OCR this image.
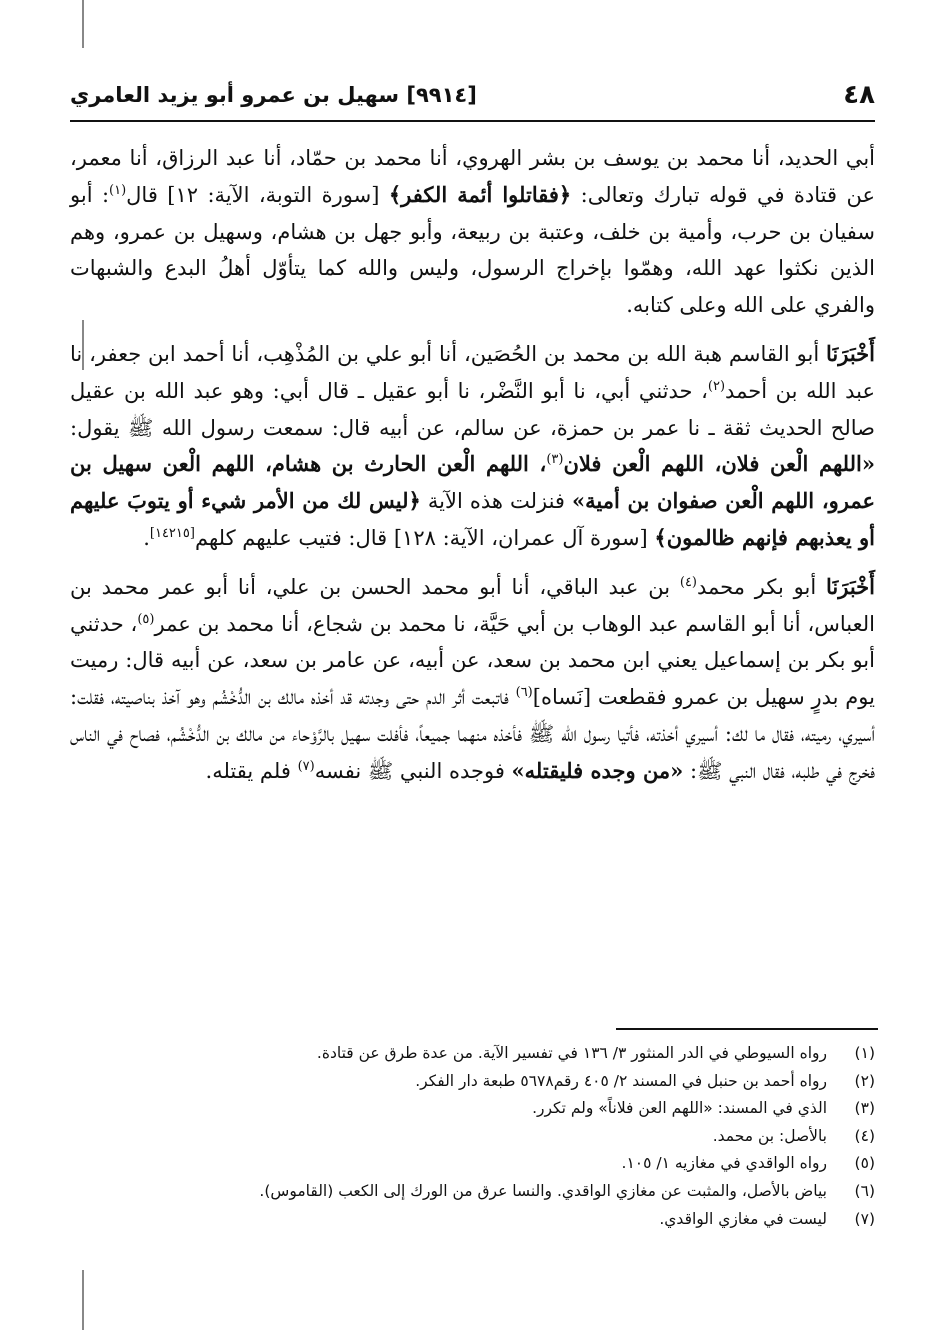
٤٨
[٩٩١٤] سهيل بن عمرو أبو يزيد العامري

أبي الحديد، أنا محمد بن يوسف بن بشر الهروي، أنا محمد بن حمّاد، أنا عبد الرزاق، أنا معمر، عن قتادة في قوله تبارك وتعالى: ﴿فقاتلوا أئمة الكفر﴾ [سورة التوبة، الآية: ١٢] قال$^{(١)}$: أبو سفيان بن حرب، وأمية بن خلف، وعتبة بن ربيعة، وأبو جهل بن هشام، وسهيل بن عمرو، وهم الذين نكثوا عهد الله، وهمّوا بإخراج الرسول، وليس والله كما يتأوّل أهلُ البدع والشبهات والفري على الله وعلى كتابه.

أَخْبَرَنَا أبو القاسم هبة الله بن محمد بن الحُصَين، أنا أبو علي بن المُذْهِب، أنا أحمد ابن جعفر، نا عبد الله بن أحمد$^{(٢)}$، حدثني أبي، نا أبو النَّضْر، نا أبو عقيل ـ قال أبي: وهو عبد الله بن عقيل صالح الحديث ثقة ـ نا عمر بن حمزة، عن سالم، عن أبيه قال: سمعت رسول الله ﷺ يقول: «اللهم الْعن فلان، اللهم الْعن فلان$^{(٣)}$، اللهم الْعن الحارث بن هشام، اللهم الْعن سهيل بن عمرو، اللهم الْعن صفوان بن أمية» فنزلت هذه الآية ﴿ليس لك من الأمر شيء أو يتوبَ عليهم أو يعذبهم فإنهم ظالمون﴾ [سورة آل عمران، الآية: ١٢٨] قال: فتيب عليهم كلهم[١٤٢١٥].

أَخْبَرَنَا أبو بكر محمد$^{(٤)}$ بن عبد الباقي، أنا أبو محمد الحسن بن علي، أنا أبو عمر محمد بن العباس، أنا أبو القاسم عبد الوهاب بن أبي حَيَّة، نا محمد بن شجاع، أنا محمد بن عمر$^{(٥)}$، حدثني أبو بكر بن إسماعيل يعني ابن محمد بن سعد، عن أبيه، عن عامر بن سعد، عن أبيه قال: رميت يوم بدرٍ سهيل بن عمرو فقطعت [نَساه]$^{(٦)}$ فاتبعت أثر الدم حتى وجدته قد أخذه مالك بن الدُّخْشُم وهو آخذ بناصيته، فقلت: أسيري، رميته، فقال ما لك: أسيري أخذته، فأتيا رسول الله ﷺ فأخذه منهما جميعاً، فأفلت سهيل بالرَّوْحاء من مالك بن الدُّخْشُم، فصاح في الناس فخرج في طلبه، فقال النبي ﷺ: «من وجده فليقتله» فوجده النبي ﷺ نفسه$^{(٧)}$ فلم يقتله.

(١)
رواه السيوطي في الدر المنثور ٣/ ١٣٦ في تفسير الآية. من عدة طرق عن قتادة.
(٢)
رواه أحمد بن حنبل في المسند ٢/ ٤٠٥ رقم٥٦٧٨ طبعة دار الفكر.
(٣)
الذي في المسند: «اللهم العن فلاناً» ولم تكرر.
(٤)
بالأصل: بن محمد.
(٥)
رواه الواقدي في مغازيه ١/ ١٠٥.
(٦)
بياض بالأصل، والمثبت عن مغازي الواقدي. والنسا عرق من الورك إلى الكعب (القاموس).
(٧)
ليست في مغازي الواقدي.
